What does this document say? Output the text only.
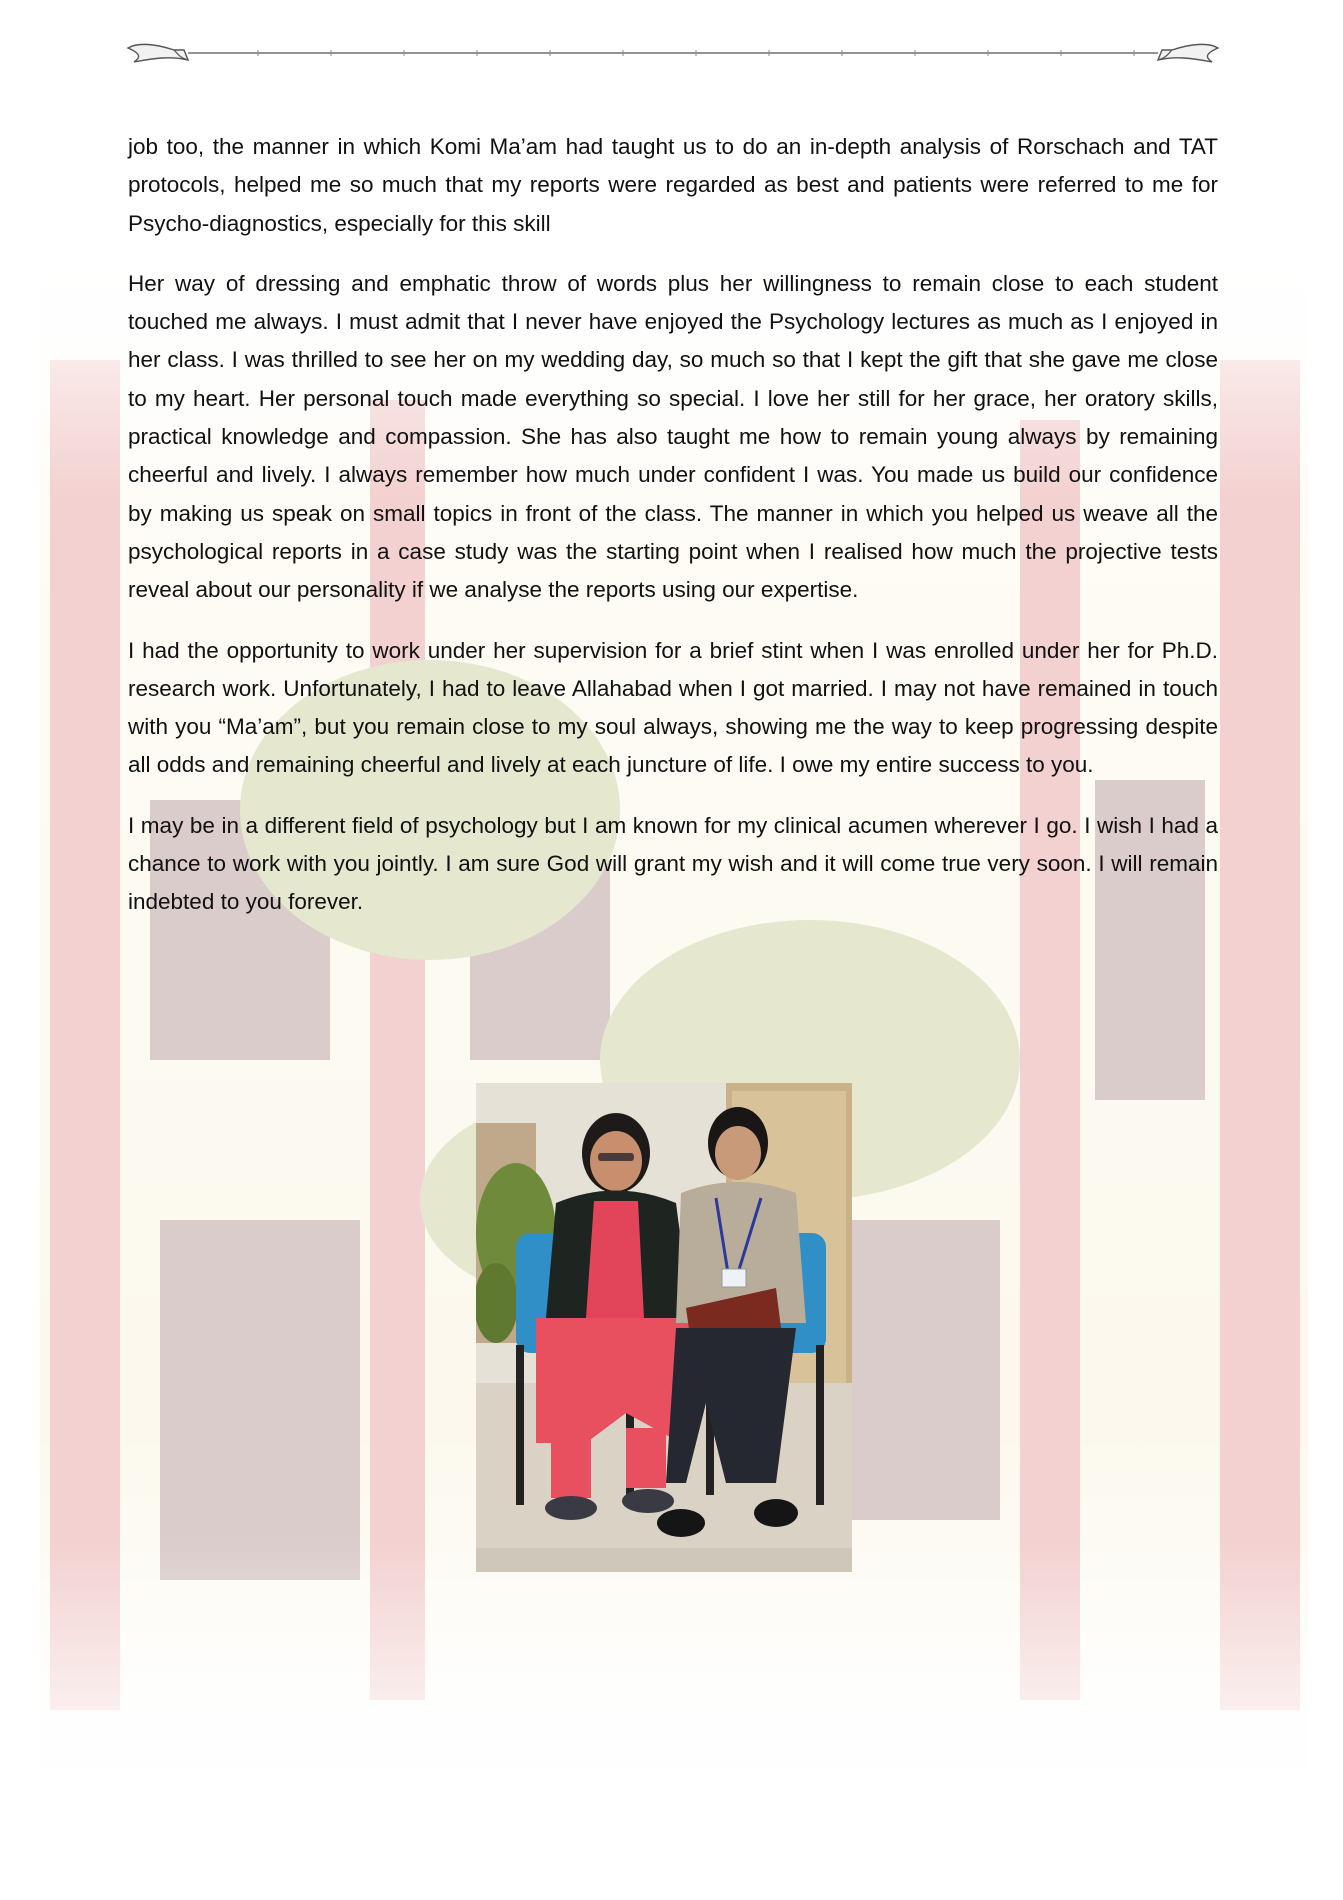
job too, the manner in which Komi Ma’am had taught us to do an in-depth analysis of Rorschach and TAT protocols, helped me so much that my reports were regarded as best and patients were referred to me for Psycho-diagnostics, especially for this skill

Her way of dressing and emphatic throw of words plus her willingness to remain close to each student touched me always. I must admit that I never have enjoyed the Psychology lectures as much as I enjoyed in her class. I was thrilled to see her on my wedding day, so much so that I kept the gift that she gave me close to my heart. Her personal touch made everything so special. I love her still for her grace, her oratory skills, practical knowledge and compassion. She has also taught me how to remain young always by remaining cheerful and lively. I always remember how much under confident I was. You made us build our confidence by making us speak on small topics in front of the class. The manner in which you helped us weave all the psychological reports in a case study was the starting point when I realised how much the projective tests reveal about our personality if we analyse the reports using our expertise.

I had the opportunity to work under her supervision for a brief stint when I was enrolled under her for Ph.D. research work. Unfortunately, I had to leave Allahabad when I got married. I may not have remained in touch with you “Ma’am”, but you remain close to my soul always, showing me the way to keep progressing despite all odds and remaining cheerful and lively at each juncture of life. I owe my entire success to you.

I may be in a different field of psychology but I am known for my clinical acumen wherever I go. I wish I had a chance to work with you jointly. I am sure God will grant my wish and it will come true very soon. I will remain indebted to you forever.
